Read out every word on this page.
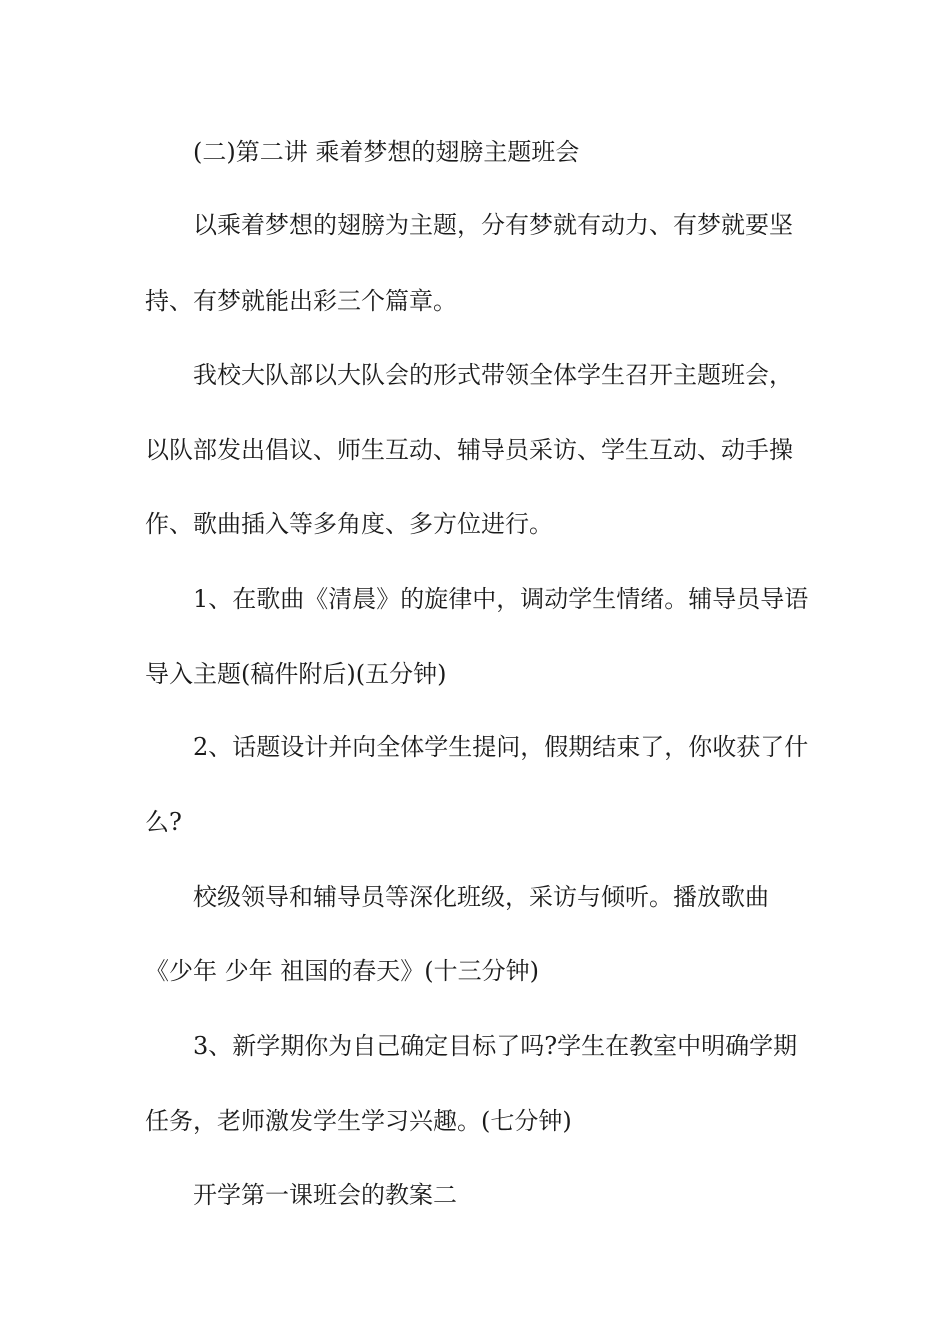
(二)第二讲 乘着梦想的翅膀主题班会
以乘着梦想的翅膀为主题，分有梦就有动力、有梦就要坚
持、有梦就能出彩三个篇章。
我校大队部以大队会的形式带领全体学生召开主题班会，
以队部发出倡议、师生互动、辅导员采访、学生互动、动手操
作、歌曲插入等多角度、多方位进行。
1、在歌曲《清晨》的旋律中，调动学生情绪。辅导员导语
导入主题(稿件附后)(五分钟)
2、话题设计并向全体学生提问，假期结束了，你收获了什
么?
校级领导和辅导员等深化班级，采访与倾听。播放歌曲
《少年 少年 祖国的春天》(十三分钟)
3、新学期你为自己确定目标了吗?学生在教室中明确学期
任务，老师激发学生学习兴趣。(七分钟)
开学第一课班会的教案二
